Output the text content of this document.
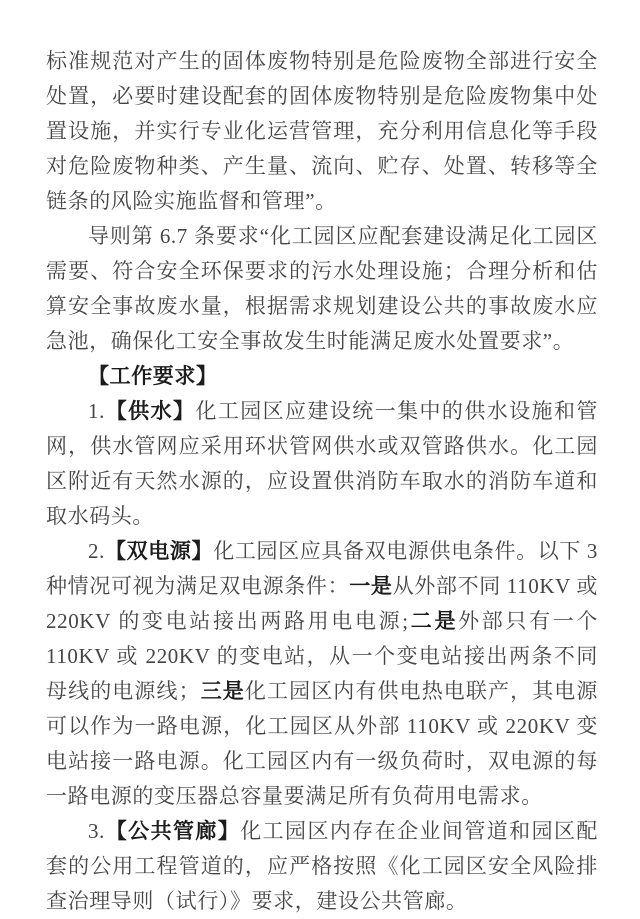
标准规范对产生的固体废物特别是危险废物全部进行安全处置，必要时建设配套的固体废物特别是危险废物集中处置设施，并实行专业化运营管理，充分利用信息化等手段对危险废物种类、产生量、流向、贮存、处置、转移等全链条的风险实施监督和管理”。

导则第 6.7 条要求“化工园区应配套建设满足化工园区需要、符合安全环保要求的污水处理设施；合理分析和估算安全事故废水量，根据需求规划建设公共的事故废水应急池，确保化工安全事故发生时能满足废水处置要求”。

【工作要求】

1.【供水】化工园区应建设统一集中的供水设施和管网，供水管网应采用环状管网供水或双管路供水。化工园区附近有天然水源的，应设置供消防车取水的消防车道和取水码头。

2.【双电源】化工园区应具备双电源供电条件。以下 3 种情况可视为满足双电源条件：一是从外部不同 110KV 或 220KV 的变电站接出两路用电电源;二是外部只有一个 110KV 或 220KV 的变电站，从一个变电站接出两条不同母线的电源线；三是化工园区内有供电热电联产，其电源可以作为一路电源，化工园区从外部 110KV 或 220KV 变电站接一路电源。化工园区内有一级负荷时，双电源的每一路电源的变压器总容量要满足所有负荷用电需求。

3.【公共管廊】化工园区内存在企业间管道和园区配套的公用工程管道的，应严格按照《化工园区安全风险排查治理导则（试行）》要求，建设公共管廊。
